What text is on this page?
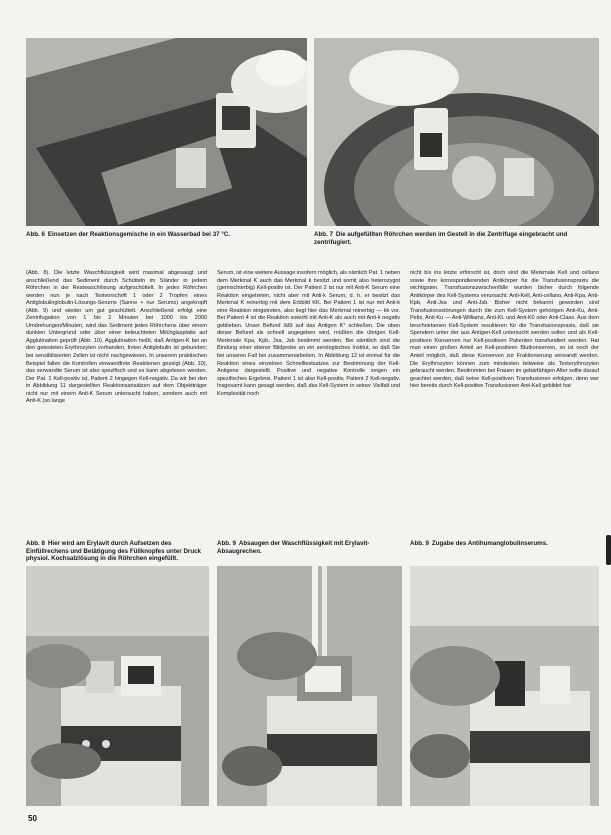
Abb. 6 Einsetzen der Reaktionsgemische in ein Wasserbad bei 37 °C.	Abb. 7 Die aufgefüllten Röhrchen werden im Gestell in die Zentrifuge eingebracht und zentrifugiert.
(Abb. 8). Die letzte Waschflüssigkeit wird maximal abgesaugt und anschließend das Sediment durch Schütteln im Ständer in jedem Röhrchen in der Restwaschlösung aufgeschüttelt. In jedes Röhrchen werden nun je nach Testvorschrift 1 oder 2 Tropfen eines Antiglobulinglobulin-Lösungs-Serums (Sanne + nur Serums) angekropft (Abb. 9) und wieder um gut geschüttelt. Anschließend erfolgt eine Zentrifugation von 1 bis 2 Minuten bei 1000 bis 2000 Umdrehungen/Minuten, wird das Sediment jedes Röhrchens über einem dunklen Untergrund oder über einer beleuchteten Milchglasplatte auf Agglutination geprüft (Abb. 10). Agglutination heißt, daß Antigen-K bei an den getesteten Erythrozyten vorhanden, freien Antiglobulin ist gebunden; bei sensibilisierten Zellen ist nicht nachgewiesen. In unserem praktischen Beispiel fallen die Kontrollen einwandfreie Reaktionen gezeigt (Abb. 10), das verwandte Serum ist also spezifisch und es kann abgelesen werden. Der Pat. 1 Kell-positiv ist, Patient 2 hingegen Kell-negativ. Da wir bei den in Abbildung 11 dargestellten Reaktionsansätzen auf dem Objektträger nicht nur mit einem Anti-K Serum untersucht haben, sondern auch mit Anti-K (so lange
Serum, ist eine weitere Aussage insofern möglich, als nämlich Pat. 1 neben dem Merkmal K auch das Merkmal k besitzt und somit also heterozygot (gemischterbig) Kell-positiv ist. Der Patient 2 ist nur mit Anti-K Serum eine Reaktion eingetreten, nicht aber mit Anti-k Serum, d. h. er besitzt das Merkmal K reinerbig mit dem Erbbild KK. Bei Patient 1 ist nur mit Anti-k eine Reaktion eingetreten, also liegt hier das Merkmal reinerbig — kk vor. Bei Patient 4 ist die Reaktion sowohl mit Anti-K als auch mit Anti-k negativ geblieben. Unser Befund läßt auf das Antigen K° schließen. Die oben dieser Befund als schnell angegeben wird, müßten die übrigen Kell-Merkmale Kpa, Kpb, Jsa, Jsb bestimmt werden. Bei sämtlich sind die Bindung einer ebener Bildprobe an ein serologisches Institut, so daß Sie bei unseren Fall bei zusammenarbeiten. In Abbildung 12 ist einmal für die Reaktion eines einzelnen Schnelltestsatzes zur Bestimmung der Kell-Antigene dargestellt. Positive und negative Kontrolle zeigen ein spezifisches Ergebnis. Patient 1 ist also Kell-positiv, Patient 2 Kell-negativ. Insgesamt kann gesagt werden, daß das Kell-System in seiner Vielfalt und Komplexität noch
nicht bis ins letzte erforscht ist, doch sind die Merkmale Kell und cellano sowie ihre korrespondierenden Antikörper für die Transfusionspraxis die wichtigsten. Transfusionszwischenfälle wurden bisher durch folgende Antikörper des Kell-Systems verursacht: Anti-Kell, Anti-cellano, Anti-Kpa, Anti-Kpb, Anti-Jsa und Anti-Jsb. Bisher nicht bekannt geworden sind Transfusionsstörungen durch die zum Kell-System gehörigen Anti-Ku, Anti-Peltz, Anti-Ku — Anti-Williams, Anti-KL und Anti-K0 oder Anti-Claas. Aus dem beschriebenen Kell-System resultieren für die Transfusionspraxis, daß sie Spendern unter der aus Antigen-Kell untersucht werden sollen und als Kell-positiven Konserven nur Kell-positiven Patienten transfundiert werden. Hat man einen großen Anteil an Kell-positiven Blutkonserven, so ist noch der Anteil möglich, daß diese Konserven zur Fraktionierung verwandt werden. Die Erythrozyten können zum mindesten teilweise als Testerythrozyten gebraucht werden. Bestimmten bei Frauen im gebärfähigen Alter sollte darauf geachtet werden, daß keine Kell-positiven Transfusionen erfolgen, denn wer hier bereits durch Kell-positive Transfusionen Anti-Kell gebildet hat
Abb. 8 Hier wird am Erylavit durch Aufsetzen des Einfüllrechens und Betätigung des Füllknopfes unter Druck physiol. Kochsalzlösung in die Röhrchen eingefüllt.
Abb. 9 Absaugen der Waschflüssigkeit mit Erylavit-Absaugrechen.
Abb. 9 Zugabe des Antihumanglobulinserums.
50
